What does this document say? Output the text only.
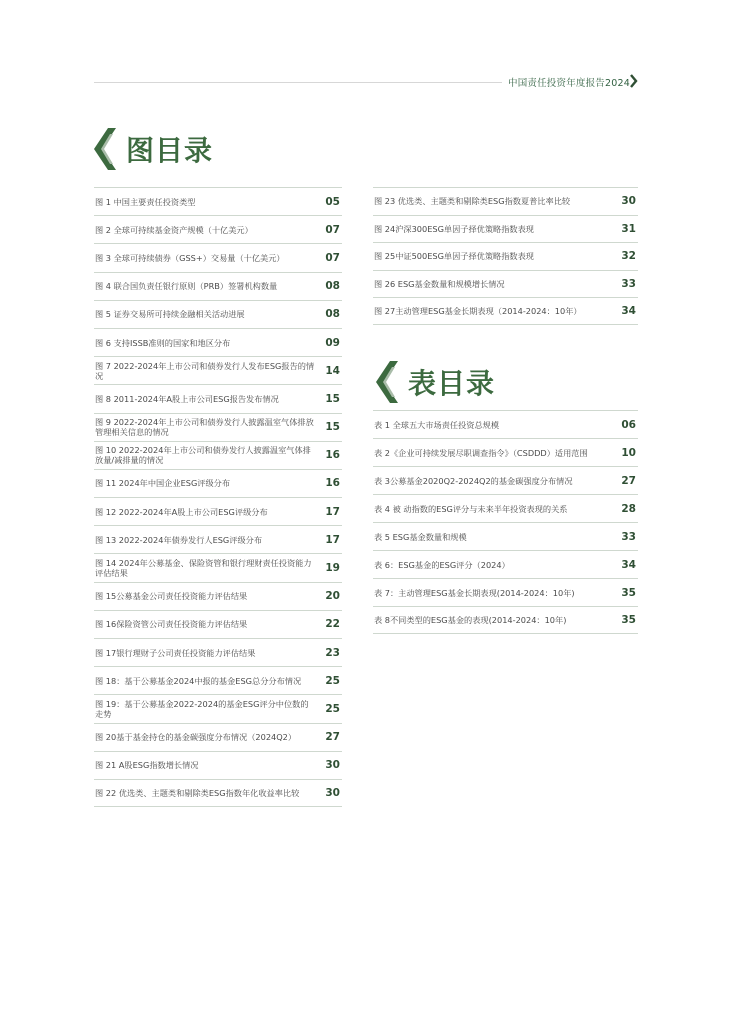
中国责任投资年度报告2024
图目录
图 1 中国主要责任投资类型	05
图 2 全球可持续基金资产规模（十亿美元）	07
图 3 全球可持续债券（GSS+）交易量（十亿美元）	07
图 4 联合国负责任银行原则（PRB）签署机构数量	08
图 5 证券交易所可持续金融相关活动进展	08
图 6 支持ISSB准则的国家和地区分布	09
图 7 2022-2024年上市公司和债券发行人发布ESG报告的情况	14
图 8 2011-2024年A股上市公司ESG报告发布情况	15
图 9 2022-2024年上市公司和债券发行人披露温室气体排放管理相关信息的情况	15
图 10 2022-2024年上市公司和债券发行人披露温室气体排放量/减排量的情况	16
图 11 2024年中国企业ESG评级分布	16
图 12 2022-2024年A股上市公司ESG评级分布	17
图 13 2022-2024年债券发行人ESG评级分布	17
图 14 2024年公募基金、保险资管和银行理财责任投资能力评估结果	19
图 15公募基金公司责任投资能力评估结果	20
图 16保险资管公司责任投资能力评估结果	22
图 17银行理财子公司责任投资能力评估结果	23
图 18：基于公募基金2024中报的基金ESG总分分布情况	25
图 19：基于公募基金2022-2024的基金ESG评分中位数的走势	25
图 20基于基金持仓的基金碳强度分布情况（2024Q2）	27
图 21 A股ESG指数增长情况	30
图 22 优选类、主题类和剔除类ESG指数年化收益率比较	30
图 23 优选类、主题类和剔除类ESG指数夏普比率比较	30
图 24沪深300ESG单因子择优策略指数表现	31
图 25中证500ESG单因子择优策略指数表现	32
图 26 ESG基金数量和规模增长情况	33
图 27主动管理ESG基金长期表现（2014-2024：10年）	34
表目录
表 1 全球五大市场责任投资总规模	06
表 2《企业可持续发展尽职调查指令》（CSDDD）适用范围	10
表 3公募基金2020Q2-2024Q2的基金碳强度分布情况	27
表 4 被 动指数的ESG评分与未来半年投资表现的关系	28
表 5 ESG基金数量和规模	33
表 6：ESG基金的ESG评分（2024）	34
表 7：主动管理ESG基金长期表现(2014-2024：10年)	35
表 8不同类型的ESG基金的表现(2014-2024：10年)	35
